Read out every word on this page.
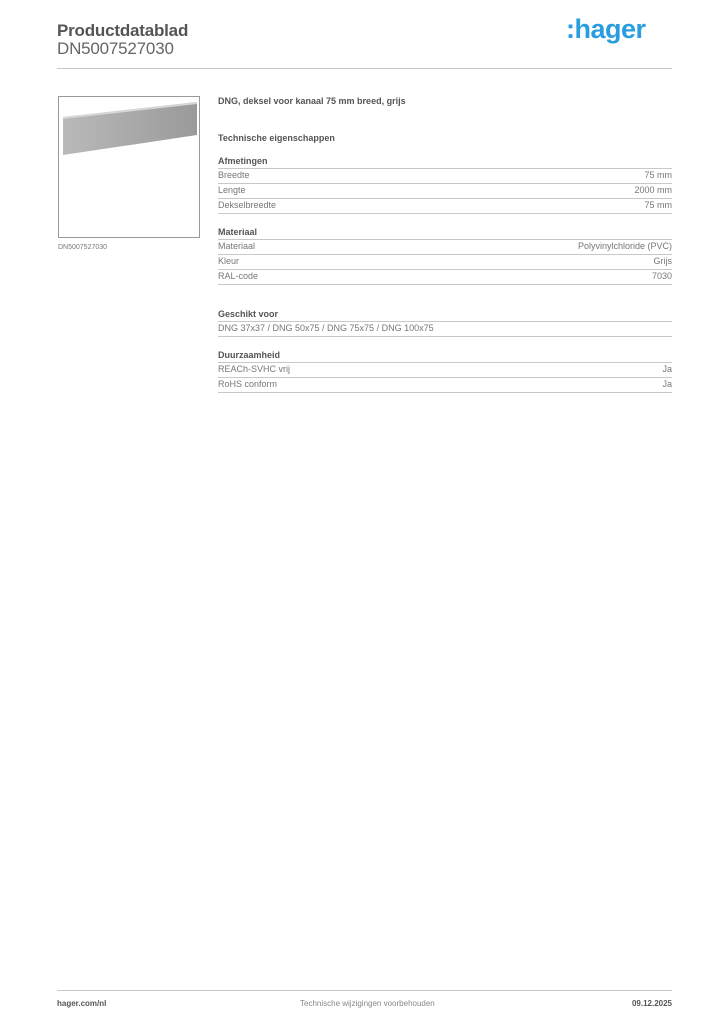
Productdatablad
DN5007527030
:hager
DN5007527030
DNG, deksel voor kanaal 75 mm breed, grijs
Technische eigenschappen
Afmetingen
Breedte	75 mm
Lengte	2000 mm
Dekselbreedte	75 mm
Materiaal
Materiaal	Polyvinylchloride (PVC)
Kleur	Grijs
RAL-code	7030
Geschikt voor
DNG 37x37 / DNG 50x75 / DNG 75x75 / DNG 100x75
Duurzaamheid
REACh-SVHC vrij	Ja
RoHS conform	Ja
hager.com/nl	Technische wijzigingen voorbehouden	09.12.2025
